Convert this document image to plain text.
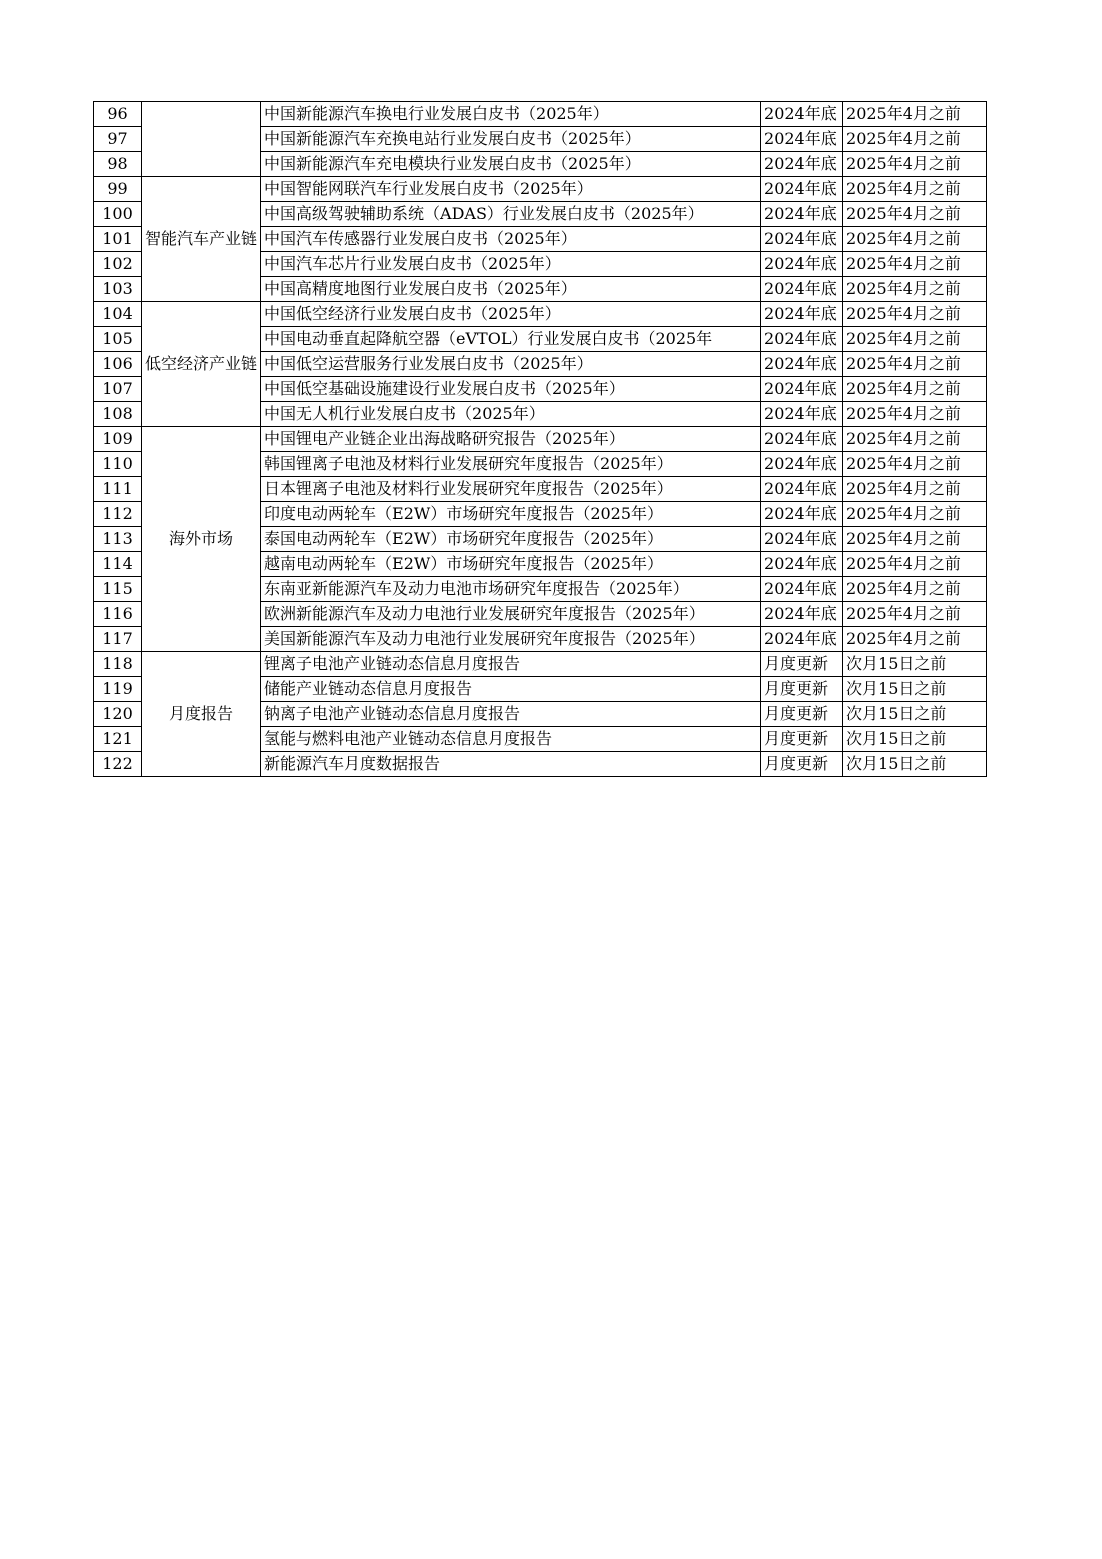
96		中国新能源汽车换电行业发展白皮书（2025年）	2024年底	2025年4月之前
97		中国新能源汽车充换电站行业发展白皮书（2025年）	2024年底	2025年4月之前
98		中国新能源汽车充电模块行业发展白皮书（2025年）	2024年底	2025年4月之前
99	智能汽车产业链	中国智能网联汽车行业发展白皮书（2025年）	2024年底	2025年4月之前
100		中国高级驾驶辅助系统（ADAS）行业发展白皮书（2025年）	2024年底	2025年4月之前
101		中国汽车传感器行业发展白皮书（2025年）	2024年底	2025年4月之前
102		中国汽车芯片行业发展白皮书（2025年）	2024年底	2025年4月之前
103		中国高精度地图行业发展白皮书（2025年）	2024年底	2025年4月之前
104	低空经济产业链	中国低空经济行业发展白皮书（2025年）	2024年底	2025年4月之前
105		中国电动垂直起降航空器（eVTOL）行业发展白皮书（2025年	2024年底	2025年4月之前
106		中国低空运营服务行业发展白皮书（2025年）	2024年底	2025年4月之前
107		中国低空基础设施建设行业发展白皮书（2025年）	2024年底	2025年4月之前
108		中国无人机行业发展白皮书（2025年）	2024年底	2025年4月之前
109	海外市场	中国锂电产业链企业出海战略研究报告（2025年）	2024年底	2025年4月之前
110		韩国锂离子电池及材料行业发展研究年度报告（2025年）	2024年底	2025年4月之前
111		日本锂离子电池及材料行业发展研究年度报告（2025年）	2024年底	2025年4月之前
112		印度电动两轮车（E2W）市场研究年度报告（2025年）	2024年底	2025年4月之前
113		泰国电动两轮车（E2W）市场研究年度报告（2025年）	2024年底	2025年4月之前
114		越南电动两轮车（E2W）市场研究年度报告（2025年）	2024年底	2025年4月之前
115		东南亚新能源汽车及动力电池市场研究年度报告（2025年）	2024年底	2025年4月之前
116		欧洲新能源汽车及动力电池行业发展研究年度报告（2025年）	2024年底	2025年4月之前
117		美国新能源汽车及动力电池行业发展研究年度报告（2025年）	2024年底	2025年4月之前
118	月度报告	锂离子电池产业链动态信息月度报告	月度更新	次月15日之前
119		储能产业链动态信息月度报告	月度更新	次月15日之前
120		钠离子电池产业链动态信息月度报告	月度更新	次月15日之前
121		氢能与燃料电池产业链动态信息月度报告	月度更新	次月15日之前
122		新能源汽车月度数据报告	月度更新	次月15日之前
